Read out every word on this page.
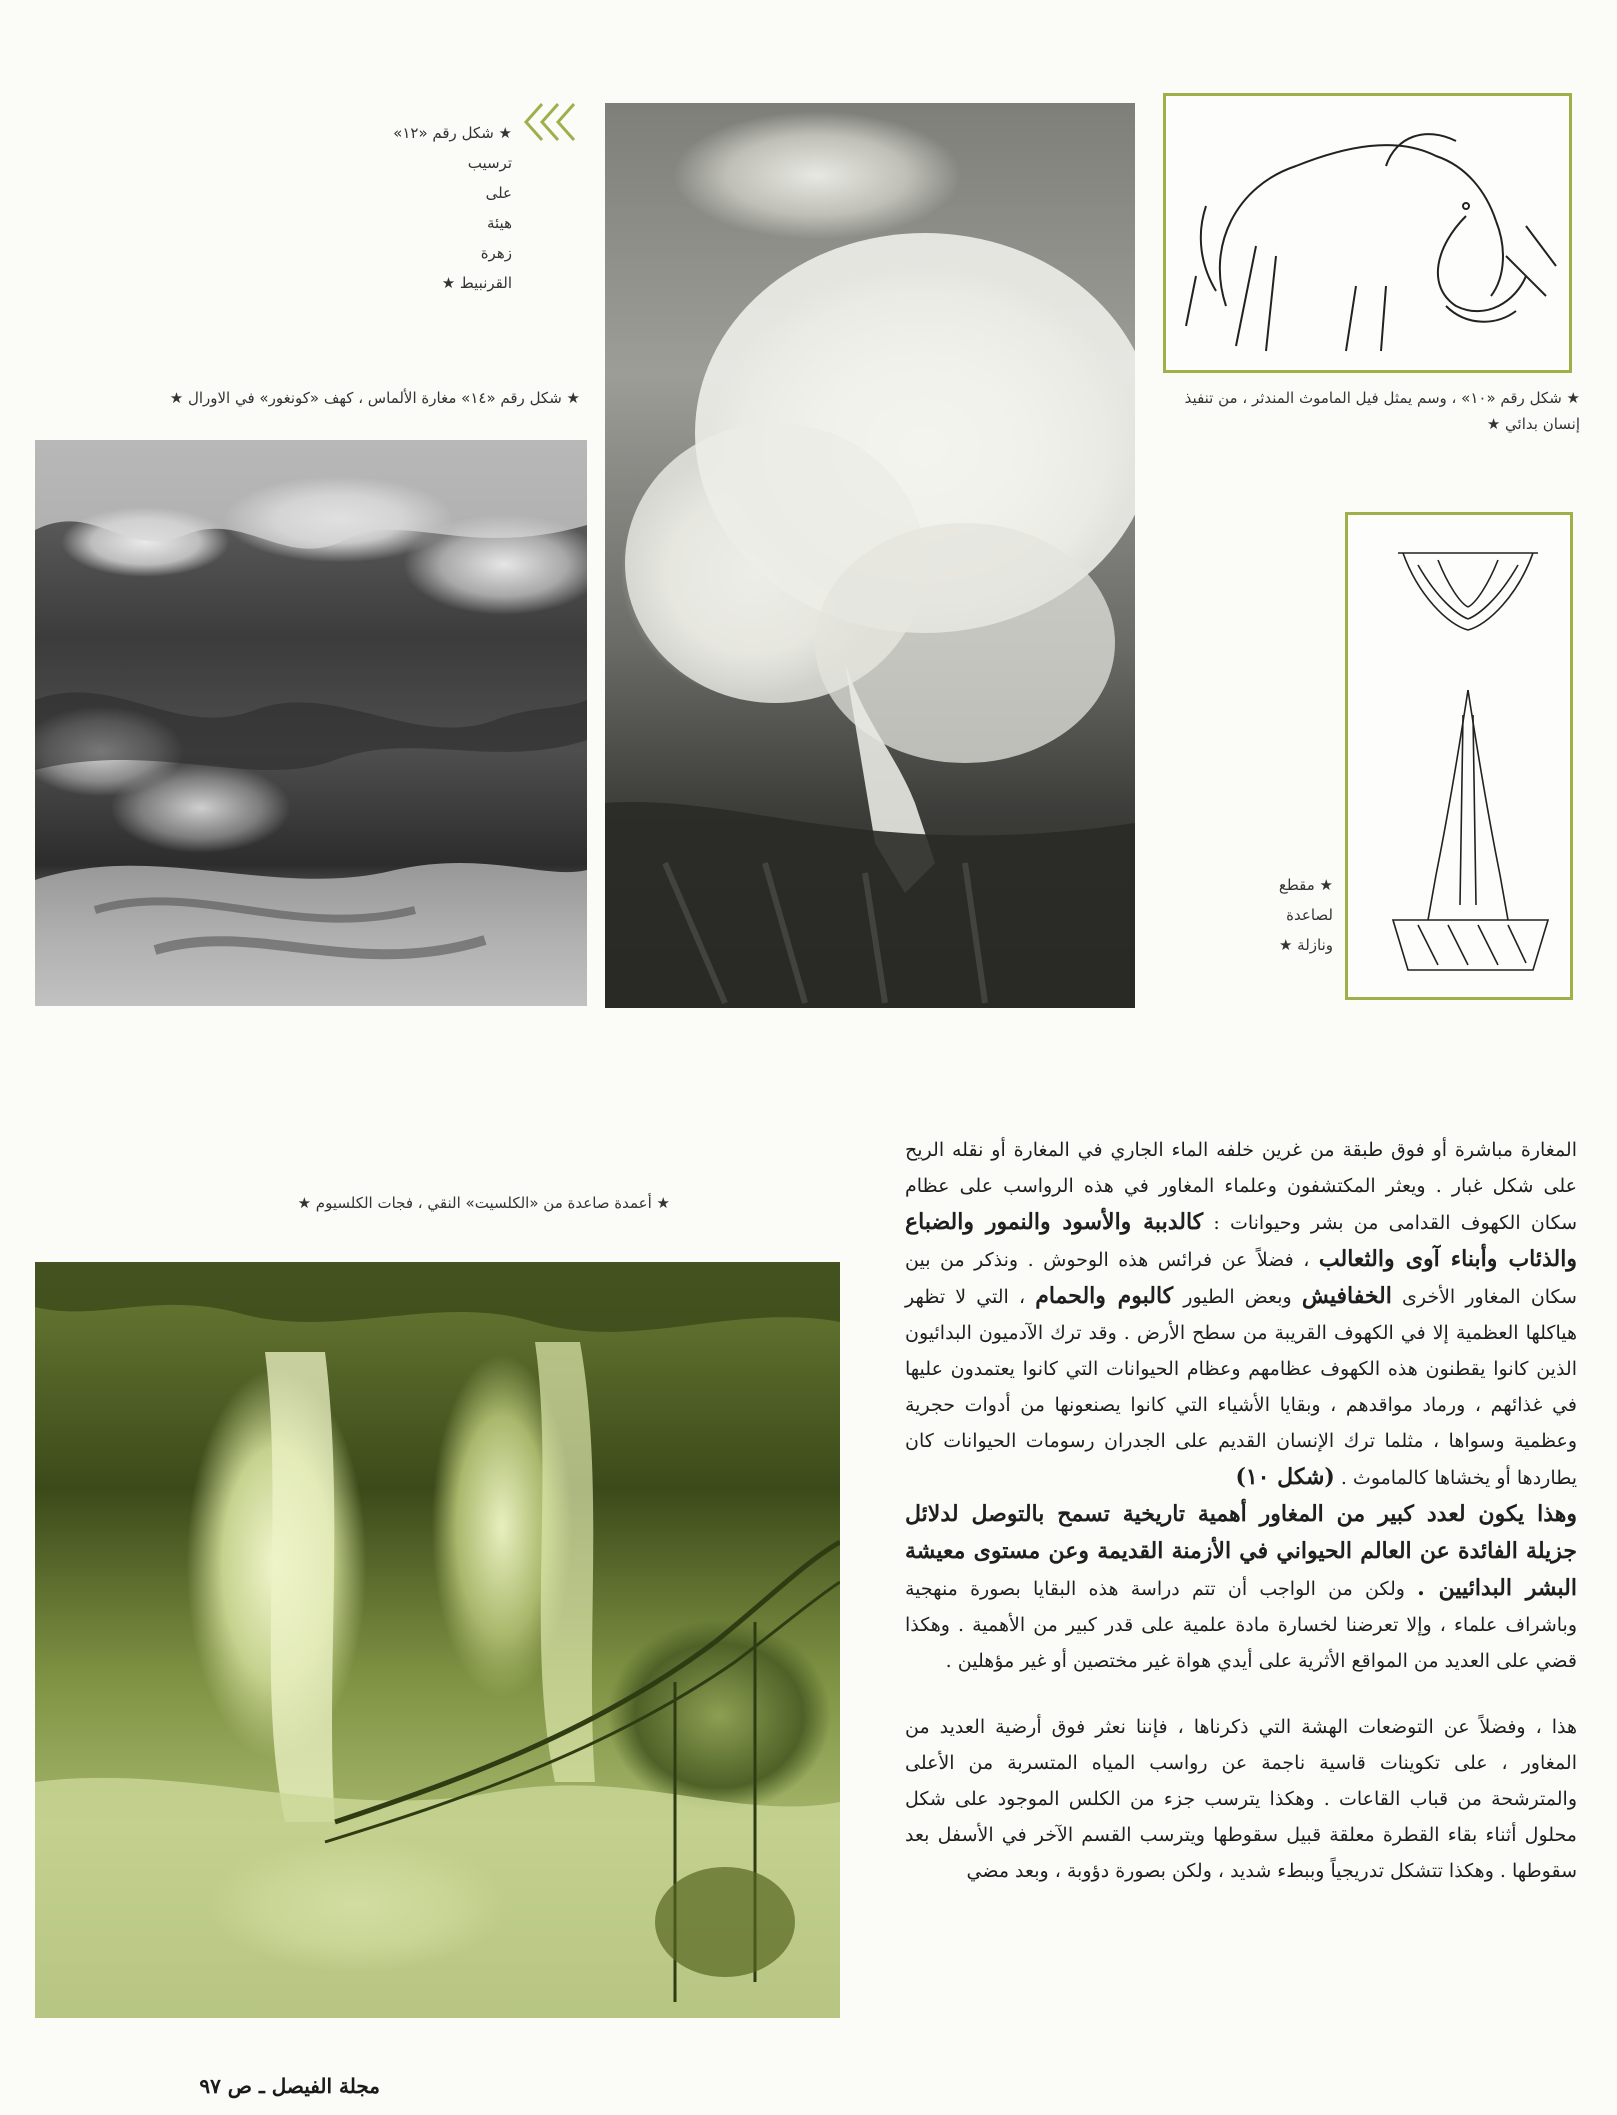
★ شكل رقم «١٢»
ترسيب
على
هيئة
زهرة
القرنبيط ★
★ شكل رقم «١٤» مغارة الألماس ، كهف «كونغور» في الاورال ★	★ شكل رقم «١٠» ، وسم يمثل فيل الماموث المندثر ، من تنفيذ إنسان بدائي ★
★ مقطع
لصاعدة
ونازلة ★
★ أعمدة صاعدة من «الكلسيت» النقي ، فجات الكلسيوم ★

المغارة مباشرة أو فوق طبقة من غرين خلفه الماء الجاري في المغارة أو نقله الريح على شكل غبار . ويعثر المكتشفون وعلماء المغاور في هذه الرواسب على عظام سكان الكهوف القدامى من بشر وحيوانات : كالدببة والأسود والنمور والضباع والذئاب وأبناء آوى والثعالب ، فضلاً عن فرائس هذه الوحوش . ونذكر من بين سكان المغاور الأخرى الخفافيش وبعض الطيور كالبوم والحمام ، التي لا تظهر هياكلها العظمية إلا في الكهوف القريبة من سطح الأرض . وقد ترك الآدميون البدائيون الذين كانوا يقطنون هذه الكهوف عظامهم وعظام الحيوانات التي كانوا يعتمدون عليها في غذائهم ، ورماد مواقدهم ، وبقايا الأشياء التي كانوا يصنعونها من أدوات حجرية وعظمية وسواها ، مثلما ترك الإنسان القديم على الجدران رسومات الحيوانات كان يطاردها أو يخشاها كالماموث . (شكل ١٠)

وهذا يكون لعدد كبير من المغاور أهمية تاريخية تسمح بالتوصل لدلائل جزيلة الفائدة عن العالم الحيواني في الأزمنة القديمة وعن مستوى معيشة البشر البدائيين . ولكن من الواجب أن تتم دراسة هذه البقايا بصورة منهجية وباشراف علماء ، وإلا تعرضنا لخسارة مادة علمية على قدر كبير من الأهمية . وهكذا قضي على العديد من المواقع الأثرية على أيدي هواة غير مختصين أو غير مؤهلين .

هذا ، وفضلاً عن التوضعات الهشة التي ذكرناها ، فإننا نعثر فوق أرضية العديد من المغاور ، على تكوينات قاسية ناجمة عن رواسب المياه المتسربة من الأعلى والمترشحة من قباب القاعات . وهكذا يترسب جزء من الكلس الموجود على شكل محلول أثناء بقاء القطرة معلقة قبيل سقوطها ويترسب القسم الآخر في الأسفل بعد سقوطها . وهكذا تتشكل تدريجياً وببطء شديد ، ولكن بصورة دؤوبة ، وبعد مضي

مجلة الفيصل ـ ص ٩٧
